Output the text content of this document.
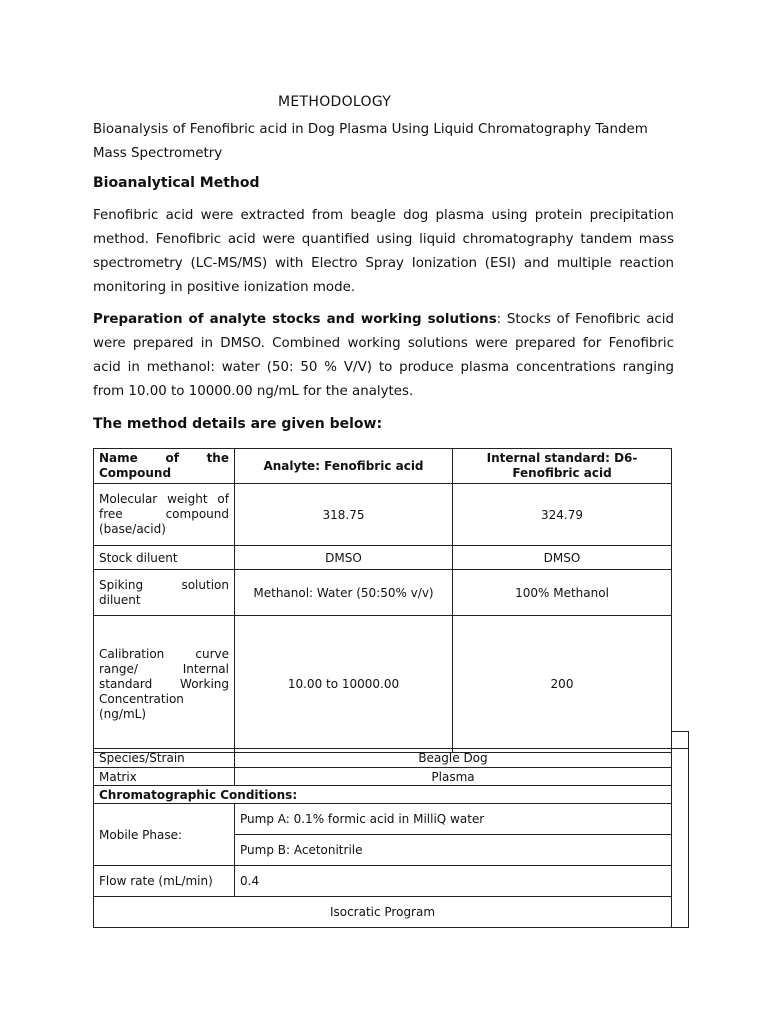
METHODOLOGY
Bioanalysis of Fenofibric acid in Dog Plasma Using Liquid Chromatography Tandem Mass Spectrometry
Bioanalytical Method
Fenofibric acid were extracted from beagle dog plasma using protein precipitation method. Fenofibric acid were quantified using liquid chromatography tandem mass spectrometry (LC-MS/MS) with Electro Spray Ionization (ESI) and multiple reaction monitoring in positive ionization mode.
Preparation of analyte stocks and working solutions: Stocks of Fenofibric acid were prepared in DMSO. Combined working solutions were prepared for Fenofibric acid in methanol: water (50: 50 % V/V) to produce plasma concentrations ranging from 10.00 to 10000.00 ng/mL for the analytes.
The method details are given below:
Name of the Compound	Analyte: Fenofibric acid	Internal standard: D6-Fenofibric acid
Molecular weight of free compound (base/acid)	318.75	324.79
Stock diluent	DMSO	DMSO
Spiking solution diluent	Methanol: Water (50:50% v/v)	100% Methanol
Calibration curve range/ Internal standard Working Concentration (ng/mL)	10.00 to 10000.00	200
Species/Strain	Beagle Dog
Matrix	Plasma
Chromatographic Conditions:	
Mobile Phase:	Pump A: 0.1% formic acid in MilliQ water
	Pump B: Acetonitrile
Flow rate (mL/min)	0.4
Isocratic Program	
